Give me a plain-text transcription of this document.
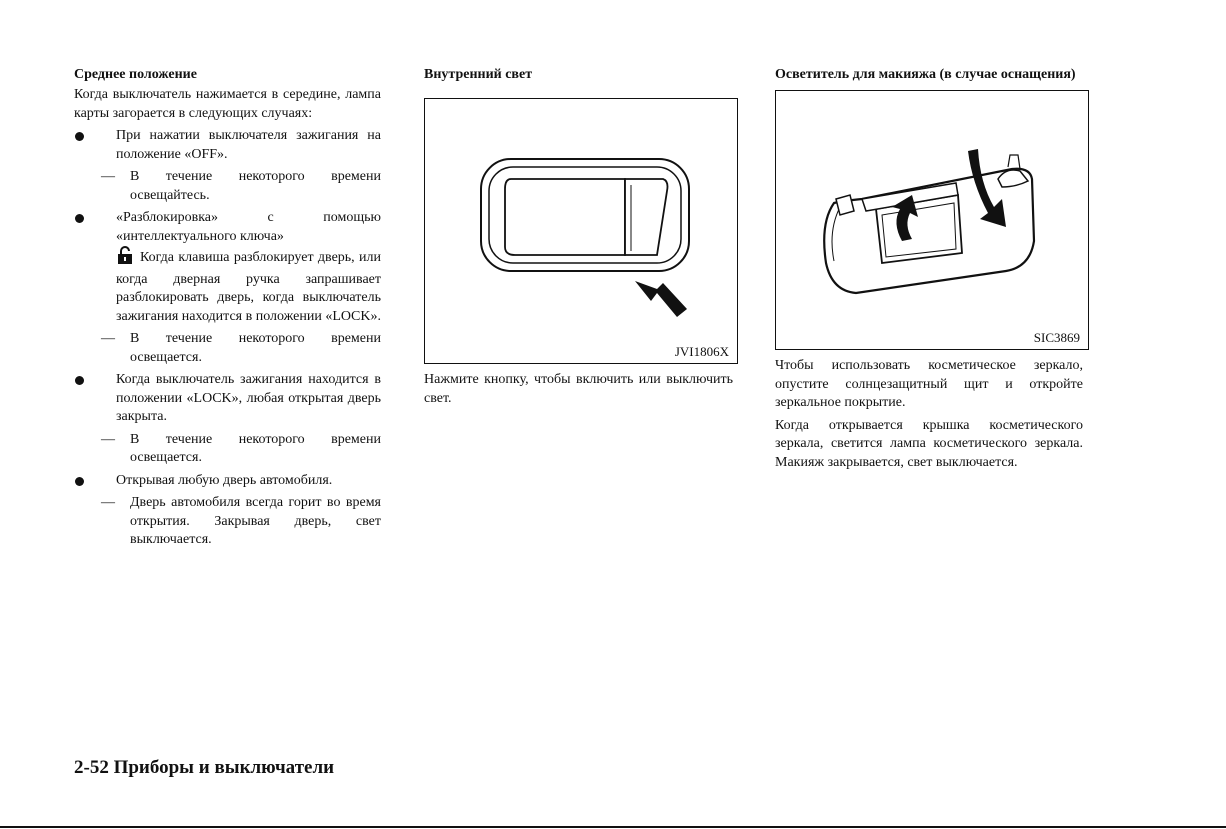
Среднее положение

Когда выключатель нажимается в середине, лампа карты загорается в следующих случаях:

При нажатии выключателя зажигания на положение «OFF».
— В течение некоторого времени освещайтесь.
«Разблокировка» с помощью «интеллектуального ключа»
Когда клавиша разблокирует дверь, или когда дверная ручка запрашивает разблокировать дверь, когда выключатель зажигания находится в положении «LOCK».
— В течение некоторого времени освещается.
Когда выключатель зажигания находится в положении «LOCK», любая открытая дверь закрыта.
— В течение некоторого времени освещается.
Открывая любую дверь автомобиля.
— Дверь автомобиля всегда горит во время открытия. Закрывая дверь, свет выключается.
Внутренний свет
JVI1806X

Нажмите кнопку, чтобы включить или выключить свет.

Осветитель для макияжа (в случае оснащения)
SIC3869

Чтобы использовать косметическое зеркало, опустите солнцезащитный щит и откройте зеркальное покрытие.

Когда открывается крышка косметического зеркала, светится лампа косметического зеркала. Макияж закрывается, свет выключается.

2-52 Приборы и выключатели
